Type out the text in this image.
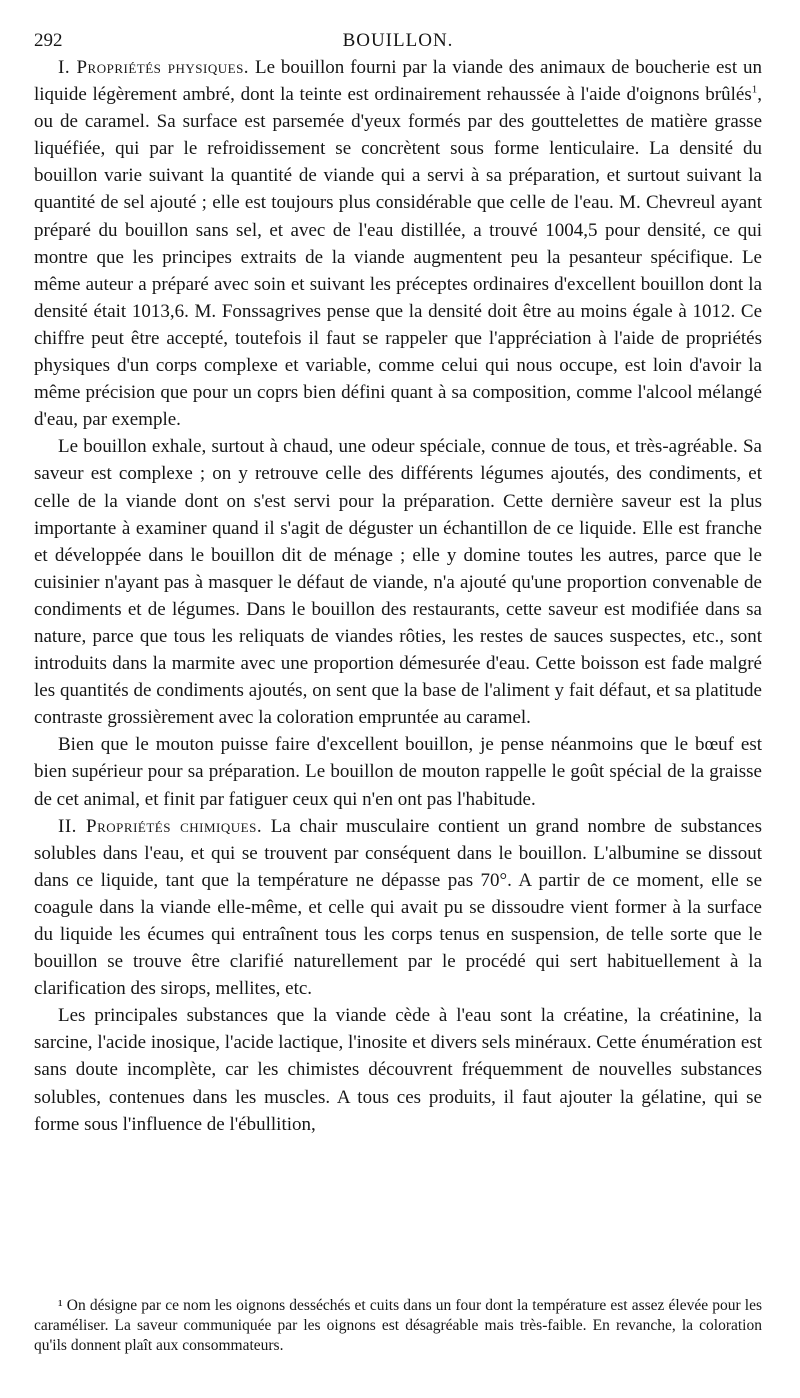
292	BOUILLON.

I. Propriétés physiques. Le bouillon fourni par la viande des animaux de boucherie est un liquide légèrement ambré, dont la teinte est ordinairement rehaussée à l'aide d'oignons brûlés$^1$, ou de caramel. Sa surface est parsemée d'yeux formés par des gouttelettes de matière grasse liquéfiée, qui par le refroidissement se concrètent sous forme lenticulaire. La densité du bouillon varie suivant la quantité de viande qui a servi à sa préparation, et surtout suivant la quantité de sel ajouté ; elle est toujours plus considérable que celle de l'eau. M. Chevreul ayant préparé du bouillon sans sel, et avec de l'eau distillée, a trouvé 1004,5 pour densité, ce qui montre que les principes extraits de la viande augmentent peu la pesanteur spécifique. Le même auteur a préparé avec soin et suivant les préceptes ordinaires d'excellent bouillon dont la densité était 1013,6. M. Fonssagrives pense que la densité doit être au moins égale à 1012. Ce chiffre peut être accepté, toutefois il faut se rappeler que l'appréciation à l'aide de propriétés physiques d'un corps complexe et variable, comme celui qui nous occupe, est loin d'avoir la même précision que pour un coprs bien défini quant à sa composition, comme l'alcool mélangé d'eau, par exemple.

Le bouillon exhale, surtout à chaud, une odeur spéciale, connue de tous, et très-agréable. Sa saveur est complexe ; on y retrouve celle des différents légumes ajoutés, des condiments, et celle de la viande dont on s'est servi pour la préparation. Cette dernière saveur est la plus importante à examiner quand il s'agit de déguster un échantillon de ce liquide. Elle est franche et développée dans le bouillon dit de ménage ; elle y domine toutes les autres, parce que le cuisinier n'ayant pas à masquer le défaut de viande, n'a ajouté qu'une proportion convenable de condiments et de légumes. Dans le bouillon des restaurants, cette saveur est modifiée dans sa nature, parce que tous les reliquats de viandes rôties, les restes de sauces suspectes, etc., sont introduits dans la marmite avec une proportion démesurée d'eau. Cette boisson est fade malgré les quantités de condiments ajoutés, on sent que la base de l'aliment y fait défaut, et sa platitude contraste grossièrement avec la coloration empruntée au caramel.

Bien que le mouton puisse faire d'excellent bouillon, je pense néanmoins que le bœuf est bien supérieur pour sa préparation. Le bouillon de mouton rappelle le goût spécial de la graisse de cet animal, et finit par fatiguer ceux qui n'en ont pas l'habitude.

II. Propriétés chimiques. La chair musculaire contient un grand nombre de substances solubles dans l'eau, et qui se trouvent par conséquent dans le bouillon. L'albumine se dissout dans ce liquide, tant que la température ne dépasse pas 70°. A partir de ce moment, elle se coagule dans la viande elle-même, et celle qui avait pu se dissoudre vient former à la surface du liquide les écumes qui entraînent tous les corps tenus en suspension, de telle sorte que le bouillon se trouve être clarifié naturellement par le procédé qui sert habituellement à la clarification des sirops, mellites, etc.

Les principales substances que la viande cède à l'eau sont la créatine, la créatinine, la sarcine, l'acide inosique, l'acide lactique, l'inosite et divers sels minéraux. Cette énumération est sans doute incomplète, car les chimistes découvrent fréquemment de nouvelles substances solubles, contenues dans les muscles. A tous ces produits, il faut ajouter la gélatine, qui se forme sous l'influence de l'ébullition,

¹ On désigne par ce nom les oignons desséchés et cuits dans un four dont la température est assez élevée pour les caraméliser. La saveur communiquée par les oignons est désagréable mais très-faible. En revanche, la coloration qu'ils donnent plaît aux consommateurs.
